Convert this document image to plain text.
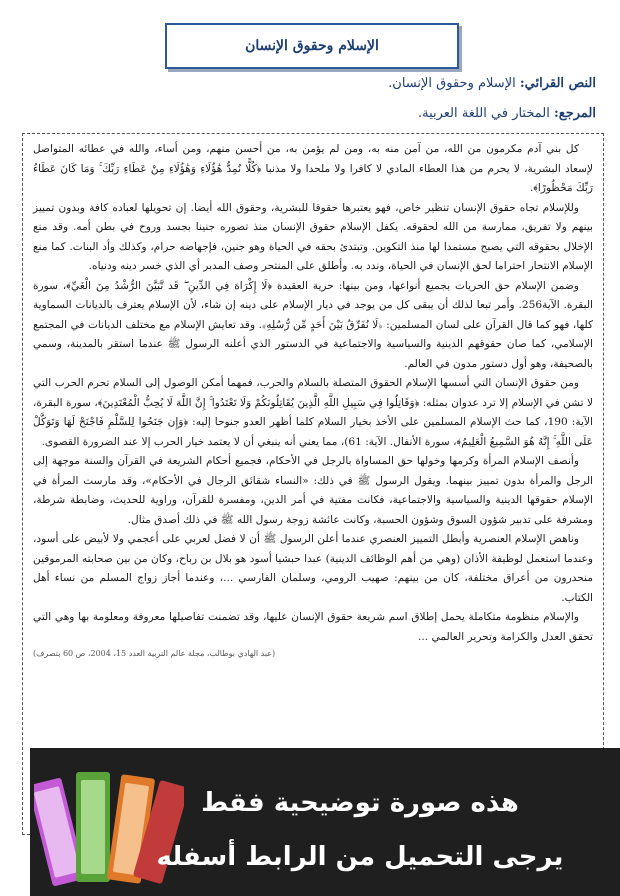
الإسلام وحقوق الإنسان
النص القرائي: الإسلام وحقوق الإنسان.
المرجع: المختار في اللغة العربية.

كل بني آدم مكرمون من الله، من آمن منه به، ومن لم يؤمن به، من أحسن منهم، ومن أساء، والله في عطائه المتواصل لإسعاد البشرية، لا يحرم من هذا العطاء المادي لا كافرا ولا ملحدا ولا مذنبا ﴿كُلًّا نُمِدُّ هَٰؤُلَاءِ وَهَٰؤُلَاءِ مِنْ عَطَاءِ رَبِّكَ ۚ وَمَا كَانَ عَطَاءُ رَبِّكَ مَحْظُورًا﴾.

وللإسلام تجاه حقوق الإنسان تنظير خاص، فهو يعتبرها حقوقا للبشرية، وحقوق الله أيضا. إن تحويلها لعباده كافة وبدون تمييز بينهم ولا تفريق، ممارسة من الله لحقوقه. يكفل الإسلام حقوق الإنسان منذ تصوره جنينا بجسد وروح في بطن أمه. وقد منع الإخلال بحقوقه التي يصبح مستمدا لها منذ التكوين. وتبتدئ بحقه في الحياة وهو جنين، فإجهاضه حرام، وكذلك وأد البنات. كما منع الإسلام الانتحار احتراما لحق الإنسان في الحياة، وندد به. وأطلق على المنتحر وصف المدبر أي الذي خسر دينه ودنياه.

وضمن الإسلام حق الحريات بجميع أنواعها، ومن بينها: حرية العقيدة ﴿لَا إِكْرَاهَ فِي الدِّينِ ۖ قَد تَّبَيَّنَ الرُّشْدُ مِنَ الْغَيِّ﴾، سورة البقرة. الآية256. وأمر تبعا لذلك أن يبقى كل من يوجد في ديار الإسلام على دينه إن شاء، لأن الإسلام يعترف بالديانات السماوية كلها، فهو كما قال القرآن على لسان المسلمين: ﴿لَا نُفَرِّقُ بَيْنَ أَحَدٍ مِّن رُّسُلِهِ﴾. وقد تعايش الإسلام مع مختلف الديانات في المجتمع الإسلامي، كما صان حقوقهم الدينية والسياسية والاجتماعية في الدستور الذي أعلنه الرسول ﷺ عندما استقر بالمدينة، وسمي بالصحيفة، وهو أول دستور مدون في العالم.

ومن حقوق الإنسان التي أسسها الإسلام الحقوق المتصلة بالسلام والحرب، فمهما أمكن الوصول إلى السلام تحرم الحرب التي لا تشن في الإسلام إلا ترد عدوان بمثله: ﴿وَقَاتِلُوا فِي سَبِيلِ اللَّهِ الَّذِينَ يُقَاتِلُونَكُمْ وَلَا تَعْتَدُوا ۚ إِنَّ اللَّهَ لَا يُحِبُّ الْمُعْتَدِينَ﴾، سورة البقرة، الآية: 190، كما حث الإسلام المسلمين على الأخذ بخيار السلام كلما أظهر العدو جنوحا إليه: ﴿وَإِن جَنَحُوا لِلسَّلْمِ فَاجْنَحْ لَهَا وَتَوَكَّلْ عَلَى اللَّهِ ۚ إِنَّهُ هُوَ السَّمِيعُ الْعَلِيمُ﴾، سورة الأنفال. الآية: 61)، مما يعني أنه ينبغي أن لا يعتمد خيار الحرب إلا عند الضرورة القصوى.

وأنصف الإسلام المرأة وكرمها وخولها حق المساواة بالرجل في الأحكام، فجميع أحكام الشريعة في القرآن والسنة موجهة إلى الرجل والمرأة بدون تمييز بينهما. ويقول الرسول ﷺ في ذلك: «النساء شقائق الرجال في الأحكام»، وقد مارست المرأة في الإسلام حقوقها الدينية والسياسية والاجتماعية، فكانت مفتية في أمر الدين، ومفسرة للقرآن، وراوية للحديث، وضابطة شرطة، ومشرفة على تدبير شؤون السوق وشؤون الحسبة، وكانت عائشة زوجة رسول الله ﷺ في ذلك أصدق مثال.

وناهض الإسلام العنصرية وأبطل التمييز العنصري عندما أعلن الرسول ﷺ أن لا فضل لعربي على أعجمي ولا لأبيض على أسود، وعندما استعمل لوظيفة الأذان (وهي من أهم الوظائف الدينية) عبدا حبشيا أسود هو بلال بن رباح، وكان من بين صحابته المرموقين منحدرون من أعراق مختلفة، كان من بينهم: صهيب الرومي، وسلمان الفارسي ...، وعندما أجاز زواج المسلم من نساء أهل الكتاب.

والإسلام منظومة متكاملة يحمل إطلاق اسم شريعة حقوق الإنسان عليها، وقد تضمنت تفاصيلها معروفة ومعلومة بها وهي التي تحقق العدل والكرامة وتحرير العالمي ...

(عبد الهادي بوطالب، مجلة عالم التربية العدد 15، 2004، ص 60 بتصرف)
هذه صورة توضيحية فقط
يرجى التحميل من الرابط أسفله
